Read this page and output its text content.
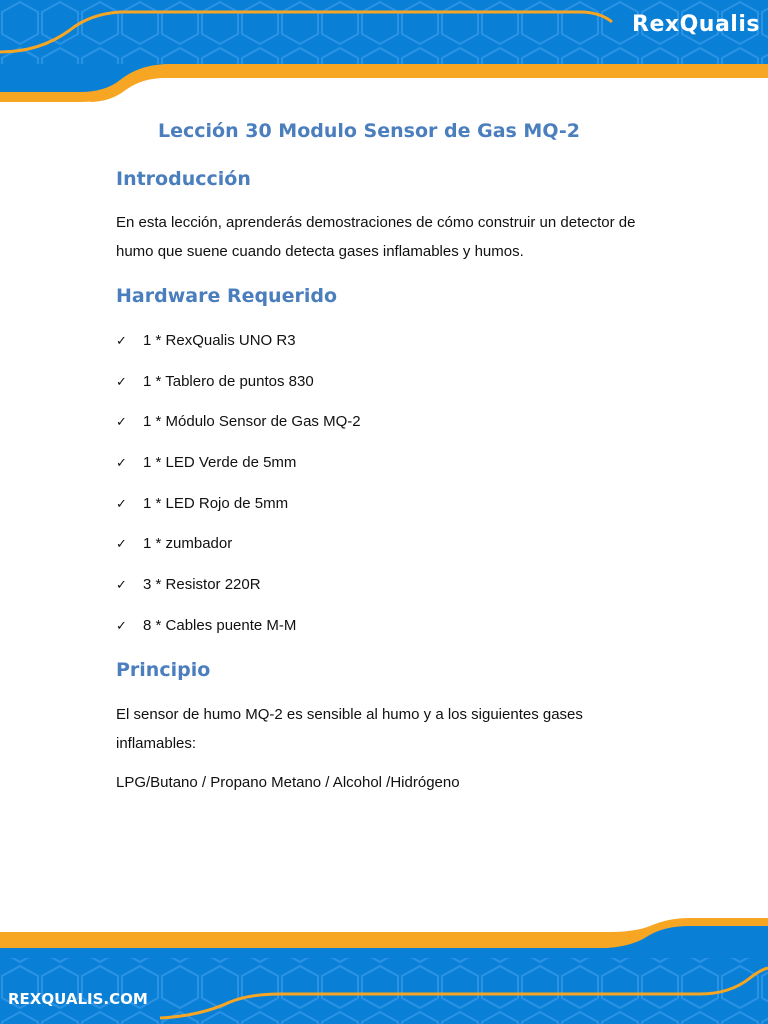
RexQualis
Lección 30 Modulo Sensor de Gas MQ-2
Introducción
En esta lección, aprenderás demostraciones de cómo construir un detector de
humo que suene cuando detecta gases inflamables y humos.
Hardware Requerido
✓ 1 * RexQualis UNO R3
✓ 1 * Tablero de puntos 830
✓ 1 * Módulo Sensor de Gas MQ-2
✓ 1 * LED Verde de 5mm
✓ 1 * LED Rojo de 5mm
✓ 1 * zumbador
✓ 3 * Resistor 220R
✓ 8 * Cables puente M-M
Principio
El sensor de humo MQ-2 es sensible al humo y a los siguientes gases
inflamables:
LPG/Butano / Propano Metano / Alcohol /Hidrógeno
REXQUALIS.COM
